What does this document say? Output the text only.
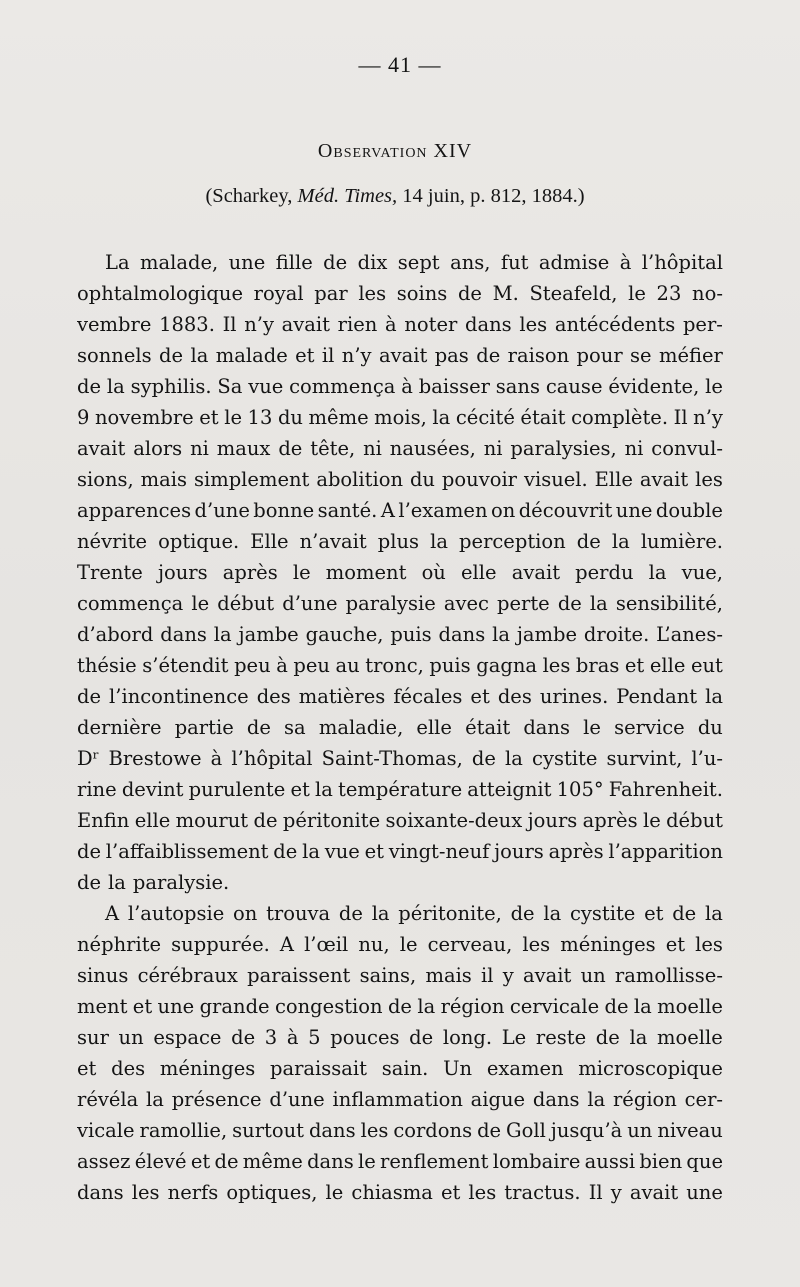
— 41 —
Observation XIV
(Scharkey, Méd. Times, 14 juin, p. 812, 1884.)
La malade, une fille de dix sept ans, fut admise à l’hôpital
ophtalmologique royal par les soins de M. Steafeld, le 23 no-
vembre 1883. Il n’y avait rien à noter dans les antécédents per-
sonnels de la malade et il n’y avait pas de raison pour se méfier
de la syphilis. Sa vue commença à baisser sans cause évidente, le
9 novembre et le 13 du même mois, la cécité était complète. Il n’y
avait alors ni maux de tête, ni nausées, ni paralysies, ni convul-
sions, mais simplement abolition du pouvoir visuel. Elle avait les
apparences d’une bonne santé. A l’examen on découvrit une double
névrite optique. Elle n’avait plus la perception de la lumière.
Trente jours après le moment où elle avait perdu la vue,
commença le début d’une paralysie avec perte de la sensibilité,
d’abord dans la jambe gauche, puis dans la jambe droite. L’anes-
thésie s’étendit peu à peu au tronc, puis gagna les bras et elle eut
de l’incontinence des matières fécales et des urines. Pendant la
dernière partie de sa maladie, elle était dans le service du
Dʳ Brestowe à l’hôpital Saint-Thomas, de la cystite survint, l’u-
rine devint purulente et la température atteignit 105° Fahrenheit.
Enfin elle mourut de péritonite soixante-deux jours après le début
de l’affaiblissement de la vue et vingt-neuf jours après l’apparition
de la paralysie.
A l’autopsie on trouva de la péritonite, de la cystite et de la
néphrite suppurée. A l’œil nu, le cerveau, les méninges et les
sinus cérébraux paraissent sains, mais il y avait un ramollisse-
ment et une grande congestion de la région cervicale de la moelle
sur un espace de 3 à 5 pouces de long. Le reste de la moelle
et des méninges paraissait sain. Un examen microscopique
révéla la présence d’une inflammation aigue dans la région cer-
vicale ramollie, surtout dans les cordons de Goll jusqu’à un niveau
assez élevé et de même dans le renflement lombaire aussi bien que
dans les nerfs optiques, le chiasma et les tractus. Il y avait une
